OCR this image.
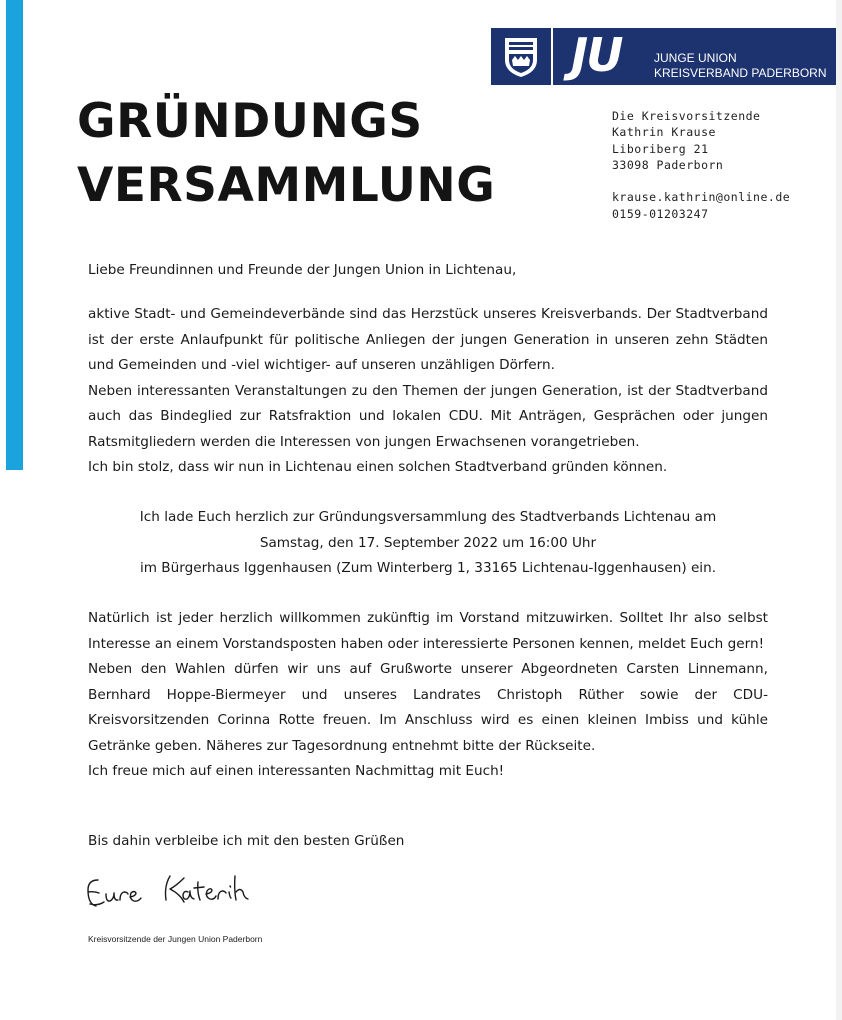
JU	JUNGE UNION
KREISVERBAND PADERBORN
GRÜNDUNGS
VERSAMMLUNG
Die Kreisvorsitzende
Kathrin Krause
Liboriberg 21
33098 Paderborn
krause.kathrin@online.de
0159-01203247

Liebe Freundinnen und Freunde der Jungen Union in Lichtenau,

aktive Stadt- und Gemeindeverbände sind das Herzstück unseres Kreisverbands. Der Stadtverband ist der erste Anlaufpunkt für politische Anliegen der jungen Generation in unseren zehn Städten und Gemeinden und -viel wichtiger- auf unseren unzähligen Dörfern.

Neben interessanten Veranstaltungen zu den Themen der jungen Generation, ist der Stadtverband auch das Bindeglied zur Ratsfraktion und lokalen CDU. Mit Anträgen, Gesprächen oder jungen Ratsmitgliedern werden die Interessen von jungen Erwachsenen vorangetrieben.

Ich bin stolz, dass wir nun in Lichtenau einen solchen Stadtverband gründen können.

Ich lade Euch herzlich zur Gründungsversammlung des Stadtverbands Lichtenau am

Samstag, den 17. September 2022 um 16:00 Uhr

im Bürgerhaus Iggenhausen (Zum Winterberg 1, 33165 Lichtenau-Iggenhausen) ein.

Natürlich ist jeder herzlich willkommen zukünftig im Vorstand mitzuwirken. Solltet Ihr also selbst Interesse an einem Vorstandsposten haben oder interessierte Personen kennen, meldet Euch gern!

Neben den Wahlen dürfen wir uns auf Grußworte unserer Abgeordneten Carsten Linnemann, Bernhard Hoppe-Biermeyer und unseres Landrates Christoph Rüther sowie der CDU-Kreisvorsitzenden Corinna Rotte freuen. Im Anschluss wird es einen kleinen Imbiss und kühle Getränke geben. Näheres zur Tagesordnung entnehmt bitte der Rückseite.

Ich freue mich auf einen interessanten Nachmittag mit Euch!

Bis dahin verbleibe ich mit den besten Grüßen

Kreisvorsitzende der Jungen Union Paderborn
